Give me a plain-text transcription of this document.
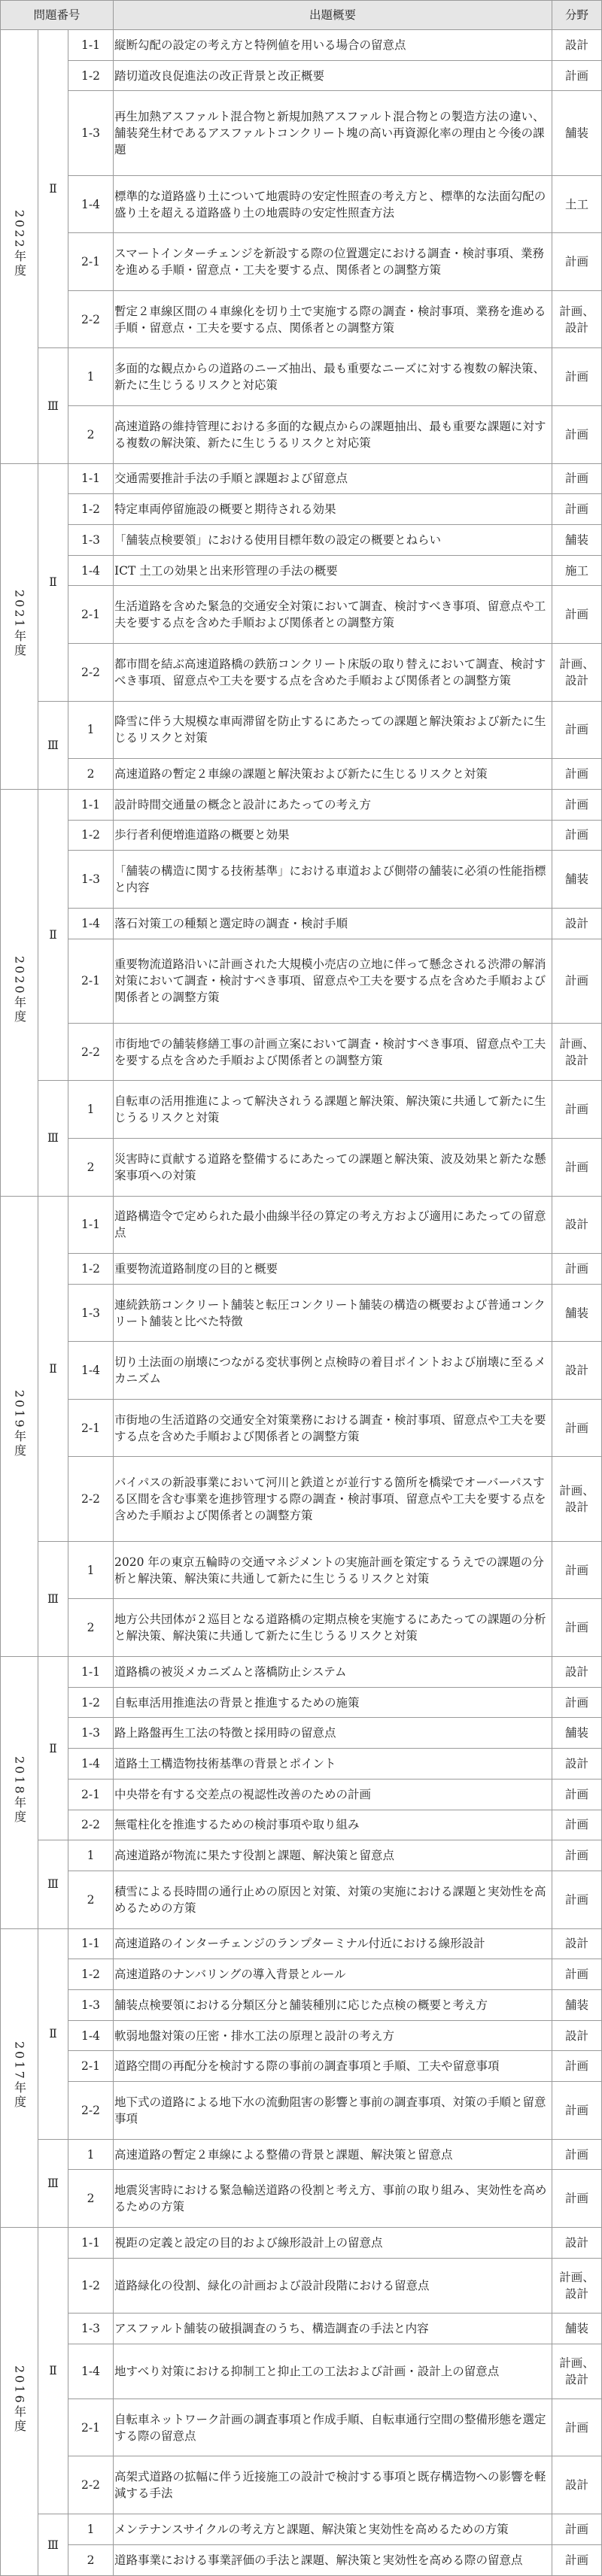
問題番号			出題概要	分野
2022年度	Ⅱ	1-1	縦断勾配の設定の考え方と特例値を用いる場合の留意点	設計
		1-2	踏切道改良促進法の改正背景と改正概要	計画
		1-3	再生加熱アスファルト混合物と新規加熱アスファルト混合物との製造方法の違い、舗装発生材であるアスファルトコンクリート塊の高い再資源化率の理由と今後の課題	舗装
		1-4	標準的な道路盛り土について地震時の安定性照査の考え方と、標準的な法面勾配の盛り土を超える道路盛り土の地震時の安定性照査方法	土工
		2-1	スマートインターチェンジを新設する際の位置選定における調査・検討事項、業務を進める手順・留意点・工夫を要する点、関係者との調整方策	計画
		2-2	暫定２車線区間の４車線化を切り土で実施する際の調査・検討事項、業務を進める手順・留意点・工夫を要する点、関係者との調整方策	計画、設計
	Ⅲ	1	多面的な観点からの道路のニーズ抽出、最も重要なニーズに対する複数の解決策、新たに生じうるリスクと対応策	計画
		2	高速道路の維持管理における多面的な観点からの課題抽出、最も重要な課題に対する複数の解決策、新たに生じうるリスクと対応策	計画
2021年度	Ⅱ	1-1	交通需要推計手法の手順と課題および留意点	計画
		1-2	特定車両停留施設の概要と期待される効果	計画
		1-3	「舗装点検要領」における使用目標年数の設定の概要とねらい	舗装
		1-4	ICT 土工の効果と出来形管理の手法の概要	施工
		2-1	生活道路を含めた緊急的交通安全対策において調査、検討すべき事項、留意点や工夫を要する点を含めた手順および関係者との調整方策	計画
		2-2	都市間を結ぶ高速道路橋の鉄筋コンクリート床版の取り替えにおいて調査、検討すべき事項、留意点や工夫を要する点を含めた手順および関係者との調整方策	計画、設計
	Ⅲ	1	降雪に伴う大規模な車両滞留を防止するにあたっての課題と解決策および新たに生じるリスクと対策	計画
		2	高速道路の暫定２車線の課題と解決策および新たに生じるリスクと対策	計画
2020年度	Ⅱ	1-1	設計時間交通量の概念と設計にあたっての考え方	計画
		1-2	歩行者利便増進道路の概要と効果	計画
		1-3	「舗装の構造に関する技術基準」における車道および側帯の舗装に必須の性能指標と内容	舗装
		1-4	落石対策工の種類と選定時の調査・検討手順	設計
		2-1	重要物流道路沿いに計画された大規模小売店の立地に伴って懸念される渋滞の解消対策において調査・検討すべき事項、留意点や工夫を要する点を含めた手順および関係者との調整方策	計画
		2-2	市街地での舗装修繕工事の計画立案において調査・検討すべき事項、留意点や工夫を要する点を含めた手順および関係者との調整方策	計画、設計
	Ⅲ	1	自転車の活用推進によって解決されうる課題と解決策、解決策に共通して新たに生じうるリスクと対策	計画
		2	災害時に貢献する道路を整備するにあたっての課題と解決策、波及効果と新たな懸案事項への対策	計画
2019年度	Ⅱ	1-1	道路構造令で定められた最小曲線半径の算定の考え方および適用にあたっての留意点	設計
		1-2	重要物流道路制度の目的と概要	計画
		1-3	連続鉄筋コンクリート舗装と転圧コンクリート舗装の構造の概要および普通コンクリート舗装と比べた特徴	舗装
		1-4	切り土法面の崩壊につながる変状事例と点検時の着目ポイントおよび崩壊に至るメカニズム	設計
		2-1	市街地の生活道路の交通安全対策業務における調査・検討事項、留意点や工夫を要する点を含めた手順および関係者との調整方策	計画
		2-2	バイパスの新設事業において河川と鉄道とが並行する箇所を橋梁でオーバーパスする区間を含む事業を進捗管理する際の調査・検討事項、留意点や工夫を要する点を含めた手順および関係者との調整方策	計画、設計
	Ⅲ	1	2020 年の東京五輪時の交通マネジメントの実施計画を策定するうえでの課題の分析と解決策、解決策に共通して新たに生じうるリスクと対策	計画
		2	地方公共団体が２巡目となる道路橋の定期点検を実施するにあたっての課題の分析と解決策、解決策に共通して新たに生じうるリスクと対策	計画
2018年度	Ⅱ	1-1	道路橋の被災メカニズムと落橋防止システム	設計
		1-2	自転車活用推進法の背景と推進するための施策	計画
		1-3	路上路盤再生工法の特徴と採用時の留意点	舗装
		1-4	道路土工構造物技術基準の背景とポイント	設計
		2-1	中央帯を有する交差点の視認性改善のための計画	計画
		2-2	無電柱化を推進するための検討事項や取り組み	計画
	Ⅲ	1	高速道路が物流に果たす役割と課題、解決策と留意点	計画
		2	積雪による長時間の通行止めの原因と対策、対策の実施における課題と実効性を高めるための方策	計画
2017年度	Ⅱ	1-1	高速道路のインターチェンジのランプターミナル付近における線形設計	設計
		1-2	高速道路のナンバリングの導入背景とルール	計画
		1-3	舗装点検要領における分類区分と舗装種別に応じた点検の概要と考え方	舗装
		1-4	軟弱地盤対策の圧密・排水工法の原理と設計の考え方	設計
		2-1	道路空間の再配分を検討する際の事前の調査事項と手順、工夫や留意事項	計画
		2-2	地下式の道路による地下水の流動阻害の影響と事前の調査事項、対策の手順と留意事項	計画
	Ⅲ	1	高速道路の暫定２車線による整備の背景と課題、解決策と留意点	計画
		2	地震災害時における緊急輸送道路の役割と考え方、事前の取り組み、実効性を高めるための方策	計画
2016年度	Ⅱ	1-1	視距の定義と設定の目的および線形設計上の留意点	設計
		1-2	道路緑化の役割、緑化の計画および設計段階における留意点	計画、設計
		1-3	アスファルト舗装の破損調査のうち、構造調査の手法と内容	舗装
		1-4	地すべり対策における抑制工と抑止工の工法および計画・設計上の留意点	計画、設計
		2-1	自転車ネットワーク計画の調査事項と作成手順、自転車通行空間の整備形態を選定する際の留意点	計画
		2-2	高架式道路の拡幅に伴う近接施工の設計で検討する事項と既存構造物への影響を軽減する手法	設計
	Ⅲ	1	メンテナンスサイクルの考え方と課題、解決策と実効性を高めるための方策	計画
		2	道路事業における事業評価の手法と課題、解決策と実効性を高める際の留意点	計画
